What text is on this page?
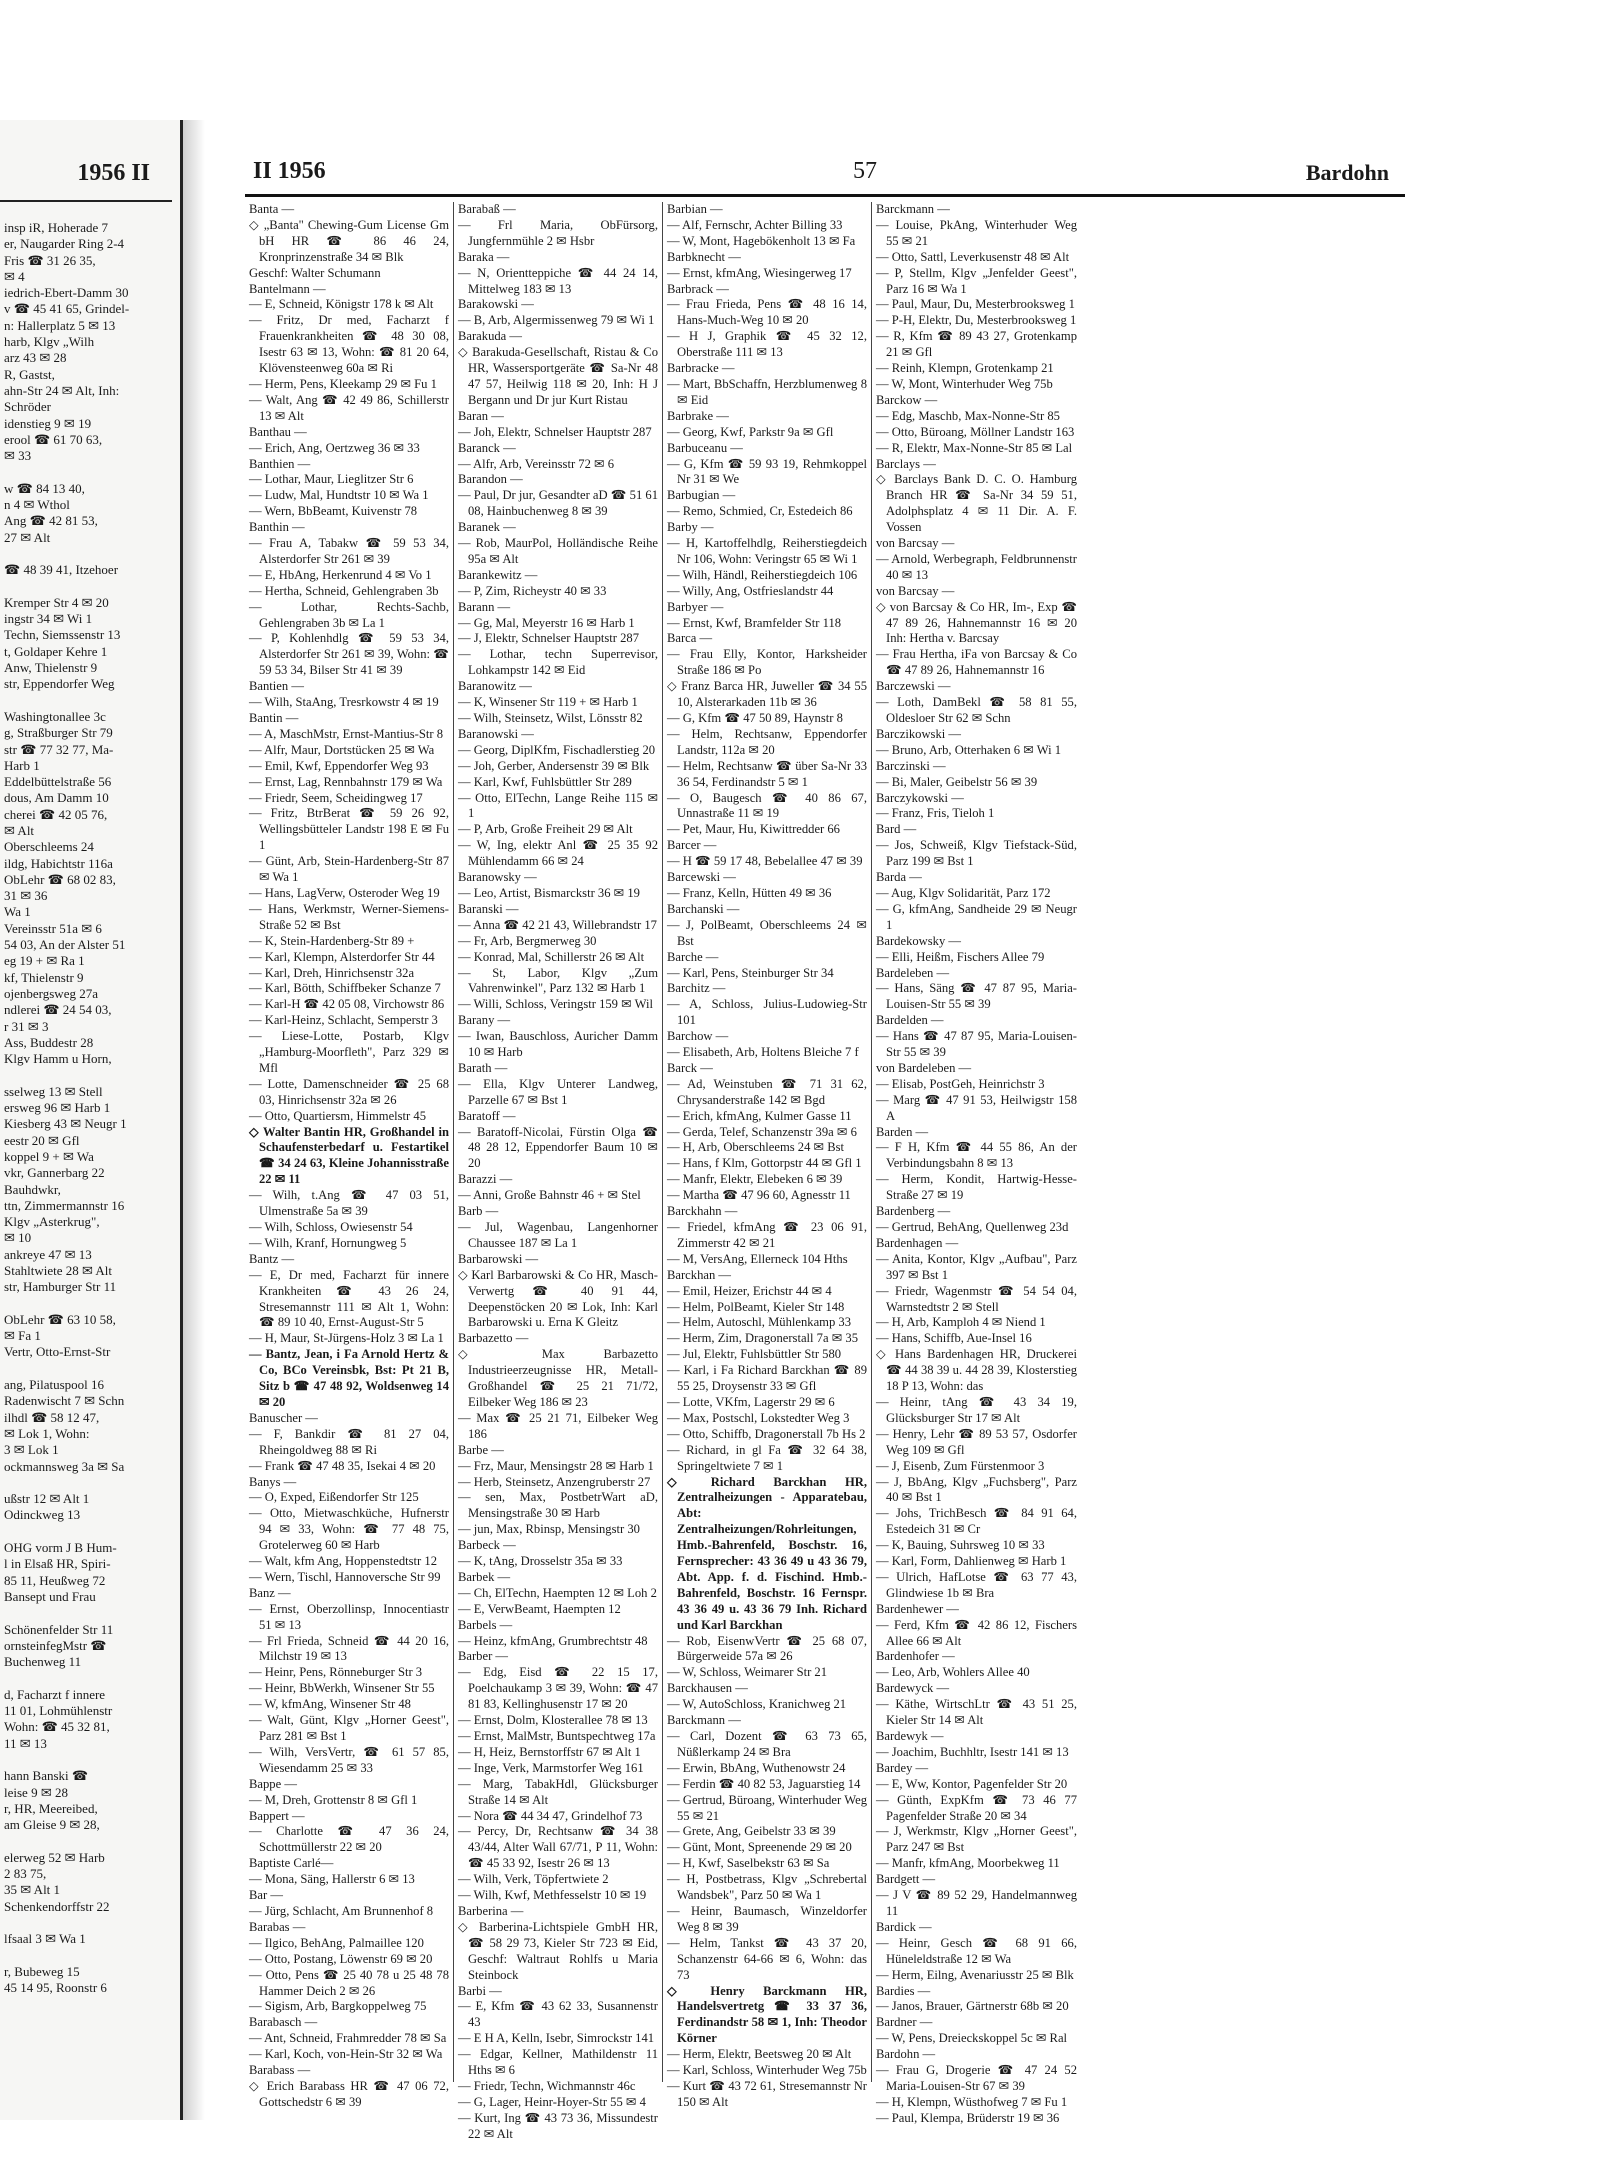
1956 II
insp iR, Hoherade 7
er, Naugarder Ring 2-4
Fris ☎ 31 26 35,
✉ 4
iedrich-Ebert-Damm 30
v ☎ 45 41 65, Grindel-
n: Hallerplatz 5 ✉ 13
harb, Klgv „Wilh
arz 43 ✉ 28
R, Gastst,
ahn-Str 24 ✉ Alt, Inh:
Schröder
idenstieg 9 ✉ 19
erool ☎ 61 70 63,
✉ 33

w ☎ 84 13 40,
n 4 ✉ Wthol
Ang ☎ 42 81 53,
27 ✉ Alt

☎ 48 39 41, Itzehoer

Kremper Str 4 ✉ 20
ingstr 34 ✉ Wi 1
Techn, Siemssenstr 13
t, Goldaper Kehre 1
Anw, Thielenstr 9
str, Eppendorfer Weg

Washingtonallee 3c
g, Straßburger Str 79
str ☎ 77 32 77, Ma-
Harb 1
Eddelbüttelstraße 56
dous, Am Damm 10
cherei ☎ 42 05 76,
✉ Alt
Oberschleems 24
ildg, Habichtstr 116a
ObLehr ☎ 68 02 83,
31 ✉ 36
Wa 1
Vereinsstr 51a ✉ 6
54 03, An der Alster 51
eg 19 + ✉ Ra 1
kf, Thielenstr 9
ojenbergsweg 27a
ndlerei ☎ 24 54 03,
r 31 ✉ 3
Ass, Buddestr 28
Klgv Hamm u Horn,

sselweg 13 ✉ Stell
ersweg 96 ✉ Harb 1
Kiesberg 43 ✉ Neugr 1
eestr 20 ✉ Gfl
koppel 9 + ✉ Wa
vkr, Gannerbarg 22
Bauhdwkr,
ttn, Zimmermannstr 16
Klgv „Asterkrug",
✉ 10
ankreye 47 ✉ 13
Stahltwiete 28 ✉ Alt
str, Hamburger Str 11

ObLehr ☎ 63 10 58,
✉ Fa 1
Vertr, Otto-Ernst-Str

ang, Pilatuspool 16
Radenwischt 7 ✉ Schn
ilhdl ☎ 58 12 47,
✉ Lok 1, Wohn:
3 ✉ Lok 1
ockmannsweg 3a ✉ Sa

ußstr 12 ✉ Alt 1
Odinckweg 13

OHG vorm J B Hum-
l in Elsaß HR, Spiri-
85 11, Heußweg 72
Bansept und Frau

Schönenfelder Str 11
ornsteinfegMstr ☎
Buchenweg 11

d, Facharzt f innere
11 01, Lohmühlenstr
Wohn: ☎ 45 32 81,
11 ✉ 13

hann Banski ☎
leise 9 ✉ 28
r, HR, Meereibed,
am Gleise 9 ✉ 28,

elerweg 52 ✉ Harb
2 83 75,
35 ✉ Alt 1
Schenkendorffstr 22

lfsaal 3 ✉ Wa 1

r, Bubeweg 15
45 14 95, Roonstr 6
II 1956	57	Bardohn
Banta —
◇ „Banta" Chewing-Gum License Gm bH HR ☎ 86 46 24, Kronprinzenstraße 34 ✉ Blk
Geschf: Walter Schumann
Bantelmann —
— E, Schneid, Königstr 178 k ✉ Alt
— Fritz, Dr med, Facharzt f Frauenkrankheiten ☎ 48 30 08, Isestr 63 ✉ 13, Wohn: ☎ 81 20 64, Klövensteenweg 60a ✉ Ri
— Herm, Pens, Kleekamp 29 ✉ Fu 1
— Walt, Ang ☎ 42 49 86, Schillerstr 13 ✉ Alt
Banthau —
— Erich, Ang, Oertzweg 36 ✉ 33
Banthien —
— Lothar, Maur, Lieglitzer Str 6
— Ludw, Mal, Hundtstr 10 ✉ Wa 1
— Wern, BbBeamt, Kuivenstr 78
Banthin —
— Frau A, Tabakw ☎ 59 53 34, Alsterdorfer Str 261 ✉ 39
— E, HbAng, Herkenrund 4 ✉ Vo 1
— Hertha, Schneid, Gehlengraben 3b
— Lothar, Rechts-Sachb, Gehlengraben 3b ✉ La 1
— P, Kohlenhdlg ☎ 59 53 34, Alsterdorfer Str 261 ✉ 39, Wohn: ☎ 59 53 34, Bilser Str 41 ✉ 39
Bantien —
— Wilh, StaAng, Tresrkowstr 4 ✉ 19
Bantin —
— A, MaschMstr, Ernst-Mantius-Str 8
— Alfr, Maur, Dortstücken 25 ✉ Wa
— Emil, Kwf, Eppendorfer Weg 93
— Ernst, Lag, Rennbahnstr 179 ✉ Wa
— Friedr, Seem, Scheidingweg 17
— Fritz, BtrBerat ☎ 59 26 92, Wellingsbütteler Landstr 198 E ✉ Fu 1
— Günt, Arb, Stein-Hardenberg-Str 87 ✉ Wa 1
— Hans, LagVerw, Osteroder Weg 19
— Hans, Werkmstr, Werner-Siemens-Straße 52 ✉ Bst
— K, Stein-Hardenberg-Str 89 +
— Karl, Klempn, Alsterdorfer Str 44
— Karl, Dreh, Hinrichsenstr 32a
— Karl, Bötth, Schiffbeker Schanze 7
— Karl-H ☎ 42 05 08, Virchowstr 86
— Karl-Heinz, Schlacht, Semperstr 3
— Liese-Lotte, Postarb, Klgv „Hamburg-Moorfleth", Parz 329 ✉ Mfl
— Lotte, Damenschneider ☎ 25 68 03, Hinrichsenstr 32a ✉ 26
— Otto, Quartiersm, Himmelstr 45
◇ Walter Bantin HR, Großhandel in Schaufensterbedarf u. Festartikel ☎ 34 24 63, Kleine Johannisstraße 22 ✉ 11
— Wilh, t.Ang ☎ 47 03 51, Ulmenstraße 5a ✉ 39
— Wilh, Schloss, Owiesenstr 54
— Wilh, Kranf, Hornungweg 5
Bantz —
— E, Dr med, Facharzt für innere Krankheiten ☎ 43 26 24, Stresemannstr 111 ✉ Alt 1, Wohn: ☎ 89 10 40, Ernst-August-Str 5
— H, Maur, St-Jürgens-Holz 3 ✉ La 1
— Bantz, Jean, i Fa Arnold Hertz & Co, BCo Vereinsbk, Bst: Pt 21 B, Sitz b ☎ 47 48 92, Woldsenweg 14 ✉ 20
Banuscher —
— F, Bankdir ☎ 81 27 04, Rheingoldweg 88 ✉ Ri
— Frank ☎ 47 48 35, Isekai 4 ✉ 20
Banys —
— O, Exped, Eißendorfer Str 125
— Otto, Mietwaschküche, Hufnerstr 94 ✉ 33, Wohn: ☎ 77 48 75, Grotelerweg 60 ✉ Harb
— Walt, kfm Ang, Hoppenstedtstr 12
— Wern, Tischl, Hannoversche Str 99
Banz —
— Ernst, Oberzollinsp, Innocentiastr 51 ✉ 13
— Frl Frieda, Schneid ☎ 44 20 16, Milchstr 19 ✉ 13
— Heinr, Pens, Rönneburger Str 3
— Heinr, BbWerkh, Winsener Str 55
— W, kfmAng, Winsener Str 48
— Walt, Günt, Klgv „Horner Geest", Parz 281 ✉ Bst 1
— Wilh, VersVertr, ☎ 61 57 85, Wiesendamm 25 ✉ 33
Bappe —
— M, Dreh, Grottenstr 8 ✉ Gfl 1
Bappert —
— Charlotte ☎ 47 36 24, Schottmüllerstr 22 ✉ 20
Baptiste Carlé—
— Mona, Säng, Hallerstr 6 ✉ 13
Bar —
— Jürg, Schlacht, Am Brunnenhof 8
Barabas —
— Ilgico, BehAng, Palmaillee 120
— Otto, Postang, Löwenstr 69 ✉ 20
— Otto, Pens ☎ 25 40 78 u 25 48 78 Hammer Deich 2 ✉ 26
— Sigism, Arb, Bargkoppelweg 75
Barabasch —
— Ant, Schneid, Frahmredder 78 ✉ Sa
— Karl, Koch, von-Hein-Str 32 ✉ Wa
Barabass —
◇ Erich Barabass HR ☎ 47 06 72, Gottschedstr 6 ✉ 39
Barabaß —
— Frl Maria, ObFürsorg, Jungfernmühle 2 ✉ Hsbr
Baraka —
— N, Orientteppiche ☎ 44 24 14, Mittelweg 183 ✉ 13
Barakowski —
— B, Arb, Algermissenweg 79 ✉ Wi 1
Barakuda —
◇ Barakuda-Gesellschaft, Ristau & Co HR, Wassersportgeräte ☎ Sa-Nr 48 47 57, Heilwig 118 ✉ 20, Inh: H J Bergann und Dr jur Kurt Ristau
Baran —
— Joh, Elektr, Schnelser Hauptstr 287
Baranck —
— Alfr, Arb, Vereinsstr 72 ✉ 6
Barandon —
— Paul, Dr jur, Gesandter aD ☎ 51 61 08, Hainbuchenweg 8 ✉ 39
Baranek —
— Rob, MaurPol, Holländische Reihe 95a ✉ Alt
Barankewitz —
— P, Zim, Richeystr 40 ✉ 33
Barann —
— Gg, Mal, Meyerstr 16 ✉ Harb 1
— J, Elektr, Schnelser Hauptstr 287
— Lothar, techn Superrevisor, Lohkampstr 142 ✉ Eid
Baranowitz —
— K, Winsener Str 119 + ✉ Harb 1
— Wilh, Steinsetz, Wilst, Lönsstr 82
Baranowski —
— Georg, DiplKfm, Fischadlerstieg 20
— Joh, Gerber, Andersenstr 39 ✉ Blk
— Karl, Kwf, Fuhlsbüttler Str 289
— Otto, ElTechn, Lange Reihe 115 ✉ 1
— P, Arb, Große Freiheit 29 ✉ Alt
— W, Ing, elektr Anl ☎ 25 35 92 Mühlendamm 66 ✉ 24
Baranowsky —
— Leo, Artist, Bismarckstr 36 ✉ 19
Baranski —
— Anna ☎ 42 21 43, Willebrandstr 17
— Fr, Arb, Bergmerweg 30
— Konrad, Mal, Schillerstr 26 ✉ Alt
— St, Labor, Klgv „Zum Vahrenwinkel", Parz 132 ✉ Harb 1
— Willi, Schloss, Veringstr 159 ✉ Wil
Barany —
— Iwan, Bauschloss, Auricher Damm 10 ✉ Harb
Barath —
— Ella, Klgv Unterer Landweg, Parzelle 67 ✉ Bst 1
Baratoff —
— Baratoff-Nicolai, Fürstin Olga ☎ 48 28 12, Eppendorfer Baum 10 ✉ 20
Barazzi —
— Anni, Große Bahnstr 46 + ✉ Stel
Barb —
— Jul, Wagenbau, Langenhorner Chaussee 187 ✉ La 1
Barbarowski —
◇ Karl Barbarowski & Co HR, Masch-Verwertg ☎ 40 91 44, Deepenstöcken 20 ✉ Lok, Inh: Karl Barbarowski u. Erna K Gleitz
Barbazetto —
◇ Max Barbazetto Industrieerzeugnisse HR, Metall-Großhandel ☎ 25 21 71/72, Eilbeker Weg 186 ✉ 23
— Max ☎ 25 21 71, Eilbeker Weg 186
Barbe —
— Frz, Maur, Mensingstr 28 ✉ Harb 1
— Herb, Steinsetz, Anzengruberstr 27
— sen, Max, PostbetrWart aD, Mensingstraße 30 ✉ Harb
— jun, Max, Rbinsp, Mensingstr 30
Barbeck —
— K, tAng, Drosselstr 35a ✉ 33
Barbek —
— Ch, ElTechn, Haempten 12 ✉ Loh 2
— E, VerwBeamt, Haempten 12
Barbels —
— Heinz, kfmAng, Grumbrechtstr 48
Barber —
— Edg, Eisd ☎ 22 15 17, Poelchaukamp 3 ✉ 39, Wohn: ☎ 47 81 83, Kellinghusenstr 17 ✉ 20
— Ernst, Dolm, Klosterallee 78 ✉ 13
— Ernst, MalMstr, Buntspechtweg 17a
— H, Heiz, Bernstorffstr 67 ✉ Alt 1
— Inge, Verk, Marmstorfer Weg 161
— Marg, TabakHdl, Glücksburger Straße 14 ✉ Alt
— Nora ☎ 44 34 47, Grindelhof 73
— Percy, Dr, Rechtsanw ☎ 34 38 43/44, Alter Wall 67/71, P 11, Wohn: ☎ 45 33 92, Isestr 26 ✉ 13
— Wilh, Verk, Töpfertwiete 2
— Wilh, Kwf, Methfesselstr 10 ✉ 19
Barberina —
◇ Barberina-Lichtspiele GmbH HR, ☎ 58 29 73, Kieler Str 723 ✉ Eid, Geschf: Waltraut Rohlfs u Maria Steinbock
Barbi —
— E, Kfm ☎ 43 62 33, Susannenstr 43
— E H A, Kelln, Isebr, Simrockstr 141
— Edgar, Kellner, Mathildenstr 11 Hths ✉ 6
— Friedr, Techn, Wichmannstr 46c
— G, Lager, Heinr-Hoyer-Str 55 ✉ 4
— Kurt, Ing ☎ 43 73 36, Missundestr 22 ✉ Alt
Barbian —
— Alf, Fernschr, Achter Billing 33
— W, Mont, Hagebökenholt 13 ✉ Fa
Barbknecht —
— Ernst, kfmAng, Wiesingerweg 17
Barbrack —
— Frau Frieda, Pens ☎ 48 16 14, Hans-Much-Weg 10 ✉ 20
— H J, Graphik ☎ 45 32 12, Oberstraße 111 ✉ 13
Barbracke —
— Mart, BbSchaffn, Herzblumenweg 8 ✉ Eid
Barbrake —
— Georg, Kwf, Parkstr 9a ✉ Gfl
Barbuceanu —
— G, Kfm ☎ 59 93 19, Rehmkoppel Nr 31 ✉ We
Barbugian —
— Remo, Schmied, Cr, Estedeich 86
Barby —
— H, Kartoffelhdlg, Reiherstiegdeich Nr 106, Wohn: Veringstr 65 ✉ Wi 1
— Wilh, Händl, Reiherstiegdeich 106
— Willy, Ang, Ostfrieslandstr 44
Barbyer —
— Ernst, Kwf, Bramfelder Str 118
Barca —
— Frau Elly, Kontor, Harksheider Straße 186 ✉ Po
◇ Franz Barca HR, Juweller ☎ 34 55 10, Alsterarkaden 11b ✉ 36
— G, Kfm ☎ 47 50 89, Haynstr 8
— Helm, Rechtsanw, Eppendorfer Landstr, 112a ✉ 20
— Helm, Rechtsanw ☎ über Sa-Nr 33 36 54, Ferdinandstr 5 ✉ 1
— O, Baugesch ☎ 40 86 67, Unnastraße 11 ✉ 19
— Pet, Maur, Hu, Kiwittredder 66
Barcer —
— H ☎ 59 17 48, Bebelallee 47 ✉ 39
Barcewski —
— Franz, Kelln, Hütten 49 ✉ 36
Barchanski —
— J, PolBeamt, Oberschleems 24 ✉ Bst
Barche —
— Karl, Pens, Steinburger Str 34
Barchitz —
— A, Schloss, Julius-Ludowieg-Str 101
Barchow —
— Elisabeth, Arb, Holtens Bleiche 7 f
Barck —
— Ad, Weinstuben ☎ 71 31 62, Chrysanderstraße 142 ✉ Bgd
— Erich, kfmAng, Kulmer Gasse 11
— Gerda, Telef, Schanzenstr 39a ✉ 6
— H, Arb, Oberschleems 24 ✉ Bst
— Hans, f Klm, Gottorpstr 44 ✉ Gfl 1
— Manfr, Elektr, Elebeken 6 ✉ 39
— Martha ☎ 47 96 60, Agnesstr 11
Barckhahn —
— Friedel, kfmAng ☎ 23 06 91, Zimmerstr 42 ✉ 21
— M, VersAng, Ellerneck 104 Hths
Barckhan —
— Emil, Heizer, Erichstr 44 ✉ 4
— Helm, PolBeamt, Kieler Str 148
— Helm, Autoschl, Mühlenkamp 33
— Herm, Zim, Dragonerstall 7a ✉ 35
— Jul, Elektr, Fuhlsbüttler Str 580
— Karl, i Fa Richard Barckhan ☎ 89 55 25, Droysenstr 33 ✉ Gfl
— Lotte, VKfm, Lagerstr 29 ✉ 6
— Max, Postschl, Lokstedter Weg 3
— Otto, Schiffb, Dragonerstall 7b Hs 2
— Richard, in gl Fa ☎ 32 64 38, Springeltwiete 7 ✉ 1
◇ Richard Barckhan HR, Zentralheizungen - Apparatebau, Abt: Zentralheizungen/Rohrleitungen, Hmb.-Bahrenfeld, Boschstr. 16, Fernsprecher: 43 36 49 u 43 36 79, Abt. App. f. d. Fischind. Hmb.-Bahrenfeld, Boschstr. 16 Fernspr. 43 36 49 u. 43 36 79 Inh. Richard und Karl Barckhan
— Rob, EisenwVertr ☎ 25 68 07, Bürgerweide 57a ✉ 26
— W, Schloss, Weimarer Str 21
Barckhausen —
— W, AutoSchloss, Kranichweg 21
Barckmann —
— Carl, Dozent ☎ 63 73 65, Nüßlerkamp 24 ✉ Bra
— Erwin, BbAng, Wuthenowstr 24
— Ferdin ☎ 40 82 53, Jaguarstieg 14
— Gertrud, Büroang, Winterhuder Weg 55 ✉ 21
— Grete, Ang, Geibelstr 33 ✉ 39
— Günt, Mont, Spreenende 29 ✉ 20
— H, Kwf, Saselbekstr 63 ✉ Sa
— H, Postbetrass, Klgv „Schrebertal Wandsbek", Parz 50 ✉ Wa 1
— Heinr, Baumasch, Winzeldorfer Weg 8 ✉ 39
— Helm, Tankst ☎ 43 37 20, Schanzenstr 64-66 ✉ 6, Wohn: das 73
◇ Henry Barckmann HR, Handelsvertretg ☎ 33 37 36, Ferdinandstr 58 ✉ 1, Inh: Theodor Körner
— Herm, Elektr, Beetsweg 20 ✉ Alt
— Karl, Schloss, Winterhuder Weg 75b
— Kurt ☎ 43 72 61, Stresemannstr Nr 150 ✉ Alt
Barckmann —
— Louise, PkAng, Winterhuder Weg 55 ✉ 21
— Otto, Sattl, Leverkusenstr 48 ✉ Alt
— P, Stellm, Klgv „Jenfelder Geest", Parz 16 ✉ Wa 1
— Paul, Maur, Du, Mesterbrooksweg 1
— P-H, Elektr, Du, Mesterbrooksweg 1
— R, Kfm ☎ 89 43 27, Grotenkamp 21 ✉ Gfl
— Reinh, Klempn, Grotenkamp 21
— W, Mont, Winterhuder Weg 75b
Barckow —
— Edg, Maschb, Max-Nonne-Str 85
— Otto, Büroang, Möllner Landstr 163
— R, Elektr, Max-Nonne-Str 85 ✉ Lal
Barclays —
◇ Barclays Bank D. C. O. Hamburg Branch HR ☎ Sa-Nr 34 59 51, Adolphsplatz 4 ✉ 11 Dir. A. F. Vossen
von Barcsay —
— Arnold, Werbegraph, Feldbrunnenstr 40 ✉ 13
von Barcsay —
◇ von Barcsay & Co HR, Im-, Exp ☎ 47 89 26, Hahnemannstr 16 ✉ 20 Inh: Hertha v. Barcsay
— Frau Hertha, iFa von Barcsay & Co ☎ 47 89 26, Hahnemannstr 16
Barczewski —
— Loth, DamBekl ☎ 58 81 55, Oldesloer Str 62 ✉ Schn
Barczikowski —
— Bruno, Arb, Otterhaken 6 ✉ Wi 1
Barczinski —
— Bi, Maler, Geibelstr 56 ✉ 39
Barczykowski —
— Franz, Fris, Tieloh 1
Bard —
— Jos, Schweiß, Klgv Tiefstack-Süd, Parz 199 ✉ Bst 1
Barda —
— Aug, Klgv Solidarität, Parz 172
— G, kfmAng, Sandheide 29 ✉ Neugr 1
Bardekowsky —
— Elli, Heißm, Fischers Allee 79
Bardeleben —
— Hans, Säng ☎ 47 87 95, Maria-Louisen-Str 55 ✉ 39
Bardelden —
— Hans ☎ 47 87 95, Maria-Louisen-Str 55 ✉ 39
von Bardeleben —
— Elisab, PostGeh, Heinrichstr 3
— Marg ☎ 47 91 53, Heilwigstr 158 A
Barden —
— F H, Kfm ☎ 44 55 86, An der Verbindungsbahn 8 ✉ 13
— Herm, Kondit, Hartwig-Hesse-Straße 27 ✉ 19
Bardenberg —
— Gertrud, BehAng, Quellenweg 23d
Bardenhagen —
— Anita, Kontor, Klgv „Aufbau", Parz 397 ✉ Bst 1
— Friedr, Wagenmstr ☎ 54 54 04, Warnstedtstr 2 ✉ Stell
— H, Arb, Kamploh 4 ✉ Niend 1
— Hans, Schiffb, Aue-Insel 16
◇ Hans Bardenhagen HR, Druckerei ☎ 44 38 39 u. 44 28 39, Klosterstieg 18 P 13, Wohn: das
— Heinr, tAng ☎ 43 34 19, Glücksburger Str 17 ✉ Alt
— Henry, Lehr ☎ 89 53 57, Osdorfer Weg 109 ✉ Gfl
— J, Eisenb, Zum Fürstenmoor 3
— J, BbAng, Klgv „Fuchsberg", Parz 40 ✉ Bst 1
— Johs, TrichBesch ☎ 84 91 64, Estedeich 31 ✉ Cr
— K, Bauing, Suhrsweg 10 ✉ 33
— Karl, Form, Dahlienweg ✉ Harb 1
— Ulrich, HafLotse ☎ 63 77 43, Glindwiese 1b ✉ Bra
Bardenhewer —
— Ferd, Kfm ☎ 42 86 12, Fischers Allee 66 ✉ Alt
Bardenhofer —
— Leo, Arb, Wohlers Allee 40
Bardewyck —
— Käthe, WirtschLtr ☎ 43 51 25, Kieler Str 14 ✉ Alt
Bardewyk —
— Joachim, Buchhltr, Isestr 141 ✉ 13
Bardey —
— E, Ww, Kontor, Pagenfelder Str 20
— Günth, ExpKfm ☎ 73 46 77 Pagenfelder Straße 20 ✉ 34
— J, Werkmstr, Klgv „Horner Geest", Parz 247 ✉ Bst
— Manfr, kfmAng, Moorbekweg 11
Bardgett —
— J V ☎ 89 52 29, Handelmannweg 11
Bardick —
— Heinr, Gesch ☎ 68 91 66, Hüneleldstraße 12 ✉ Wa
— Herm, Eilng, Avenariusstr 25 ✉ Blk
Bardies —
— Janos, Brauer, Gärtnerstr 68b ✉ 20
Bardner —
— W, Pens, Dreieckskoppel 5c ✉ Ral
Bardohn —
— Frau G, Drogerie ☎ 47 24 52 Maria-Louisen-Str 67 ✉ 39
— H, Klempn, Wüsthofweg 7 ✉ Fu 1
— Paul, Klempa, Brüderstr 19 ✉ 36
